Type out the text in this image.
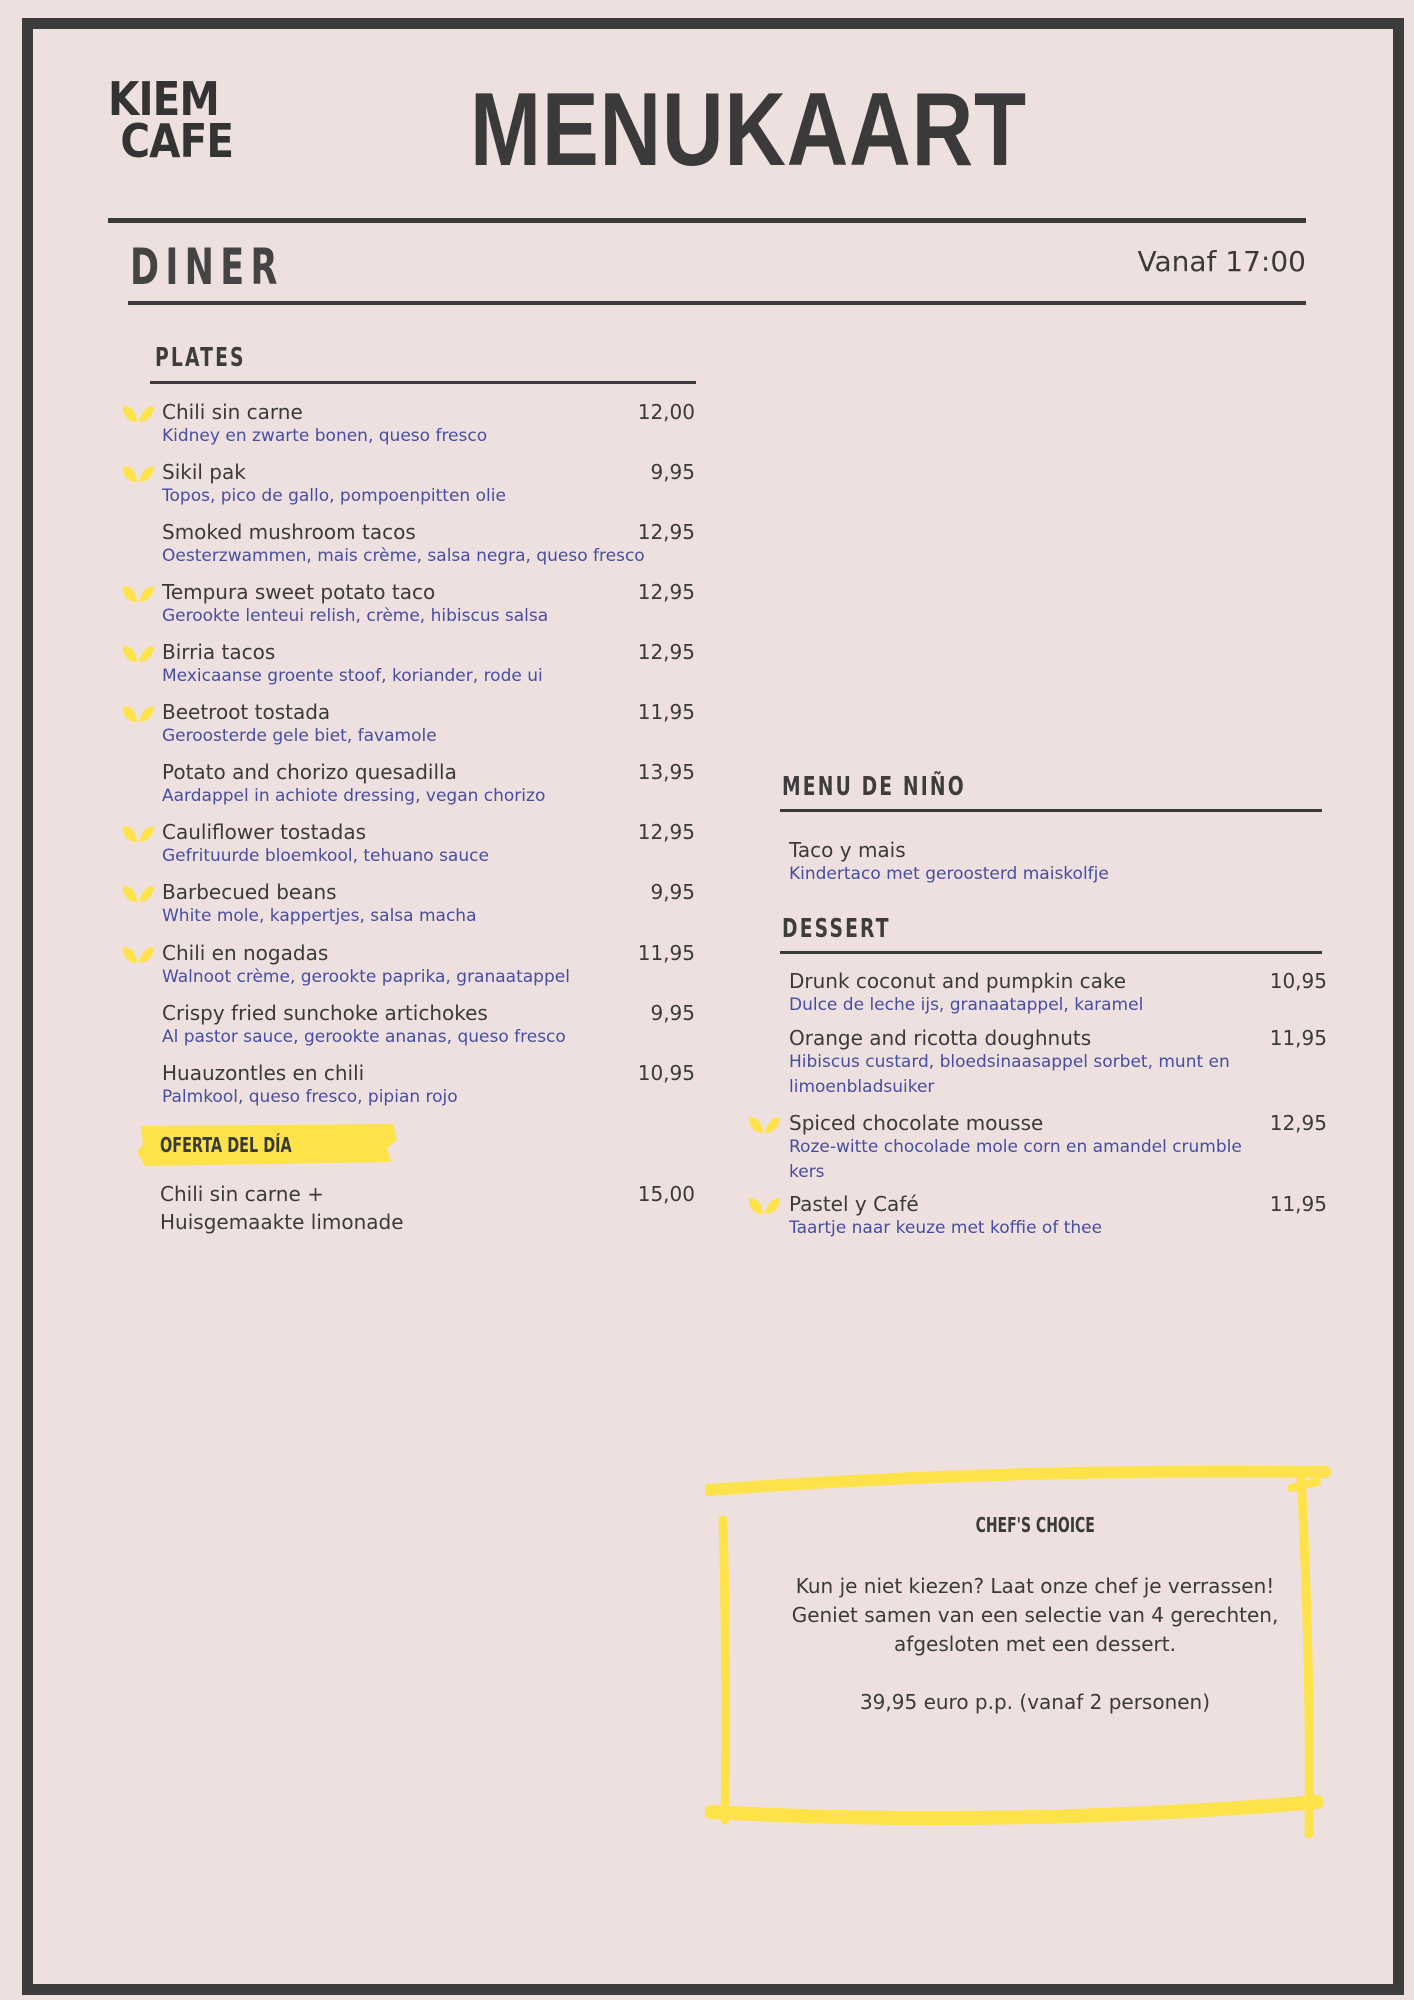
KIEM
CAFE MENUKAART
DINER	Vanaf 17:00
PLATES
Chili sin carne
Kidney en zwarte bonen, queso fresco
12,00
Sikil pak
Topos, pico de gallo, pompoenpitten olie
9,95
Smoked mushroom tacos
Oesterzwammen, mais crème, salsa negra, queso fresco
12,95
Tempura sweet potato taco
Gerookte lenteui relish, crème, hibiscus salsa
12,95
Birria tacos
Mexicaanse groente stoof, koriander, rode ui
12,95
Beetroot tostada
Geroosterde gele biet, favamole
11,95
Potato and chorizo quesadilla
Aardappel in achiote dressing, vegan chorizo
13,95
Cauliflower tostadas
Gefrituurde bloemkool, tehuano sauce
12,95
Barbecued beans
White mole, kappertjes, salsa macha
9,95
Chili en nogadas
Walnoot crème, gerookte paprika, granaatappel
11,95
Crispy fried sunchoke artichokes
Al pastor sauce, gerookte ananas, queso fresco
9,95
Huauzontles en chili
Palmkool, queso fresco, pipian rojo
10,95
OFERTA DEL DÍA
Chili sin carne +
Huisgemaakte limonade
15,00
MENU DE NIÑO
Taco y mais
Kindertaco met geroosterd maiskolfje
DESSERT
Drunk coconut and pumpkin cake
Dulce de leche ijs, granaatappel, karamel
10,95
Orange and ricotta doughnuts
Hibiscus custard, bloedsinaasappel sorbet, munt en limoenbladsuiker
11,95
Spiced chocolate mousse
Roze-witte chocolade mole corn en amandel crumble kers
12,95
Pastel y Café
Taartje naar keuze met koffie of thee
11,95
CHEF'S CHOICE
Kun je niet kiezen? Laat onze chef je verrassen! Geniet samen van een selectie van 4 gerechten, afgesloten met een dessert.
39,95 euro p.p. (vanaf 2 personen)
